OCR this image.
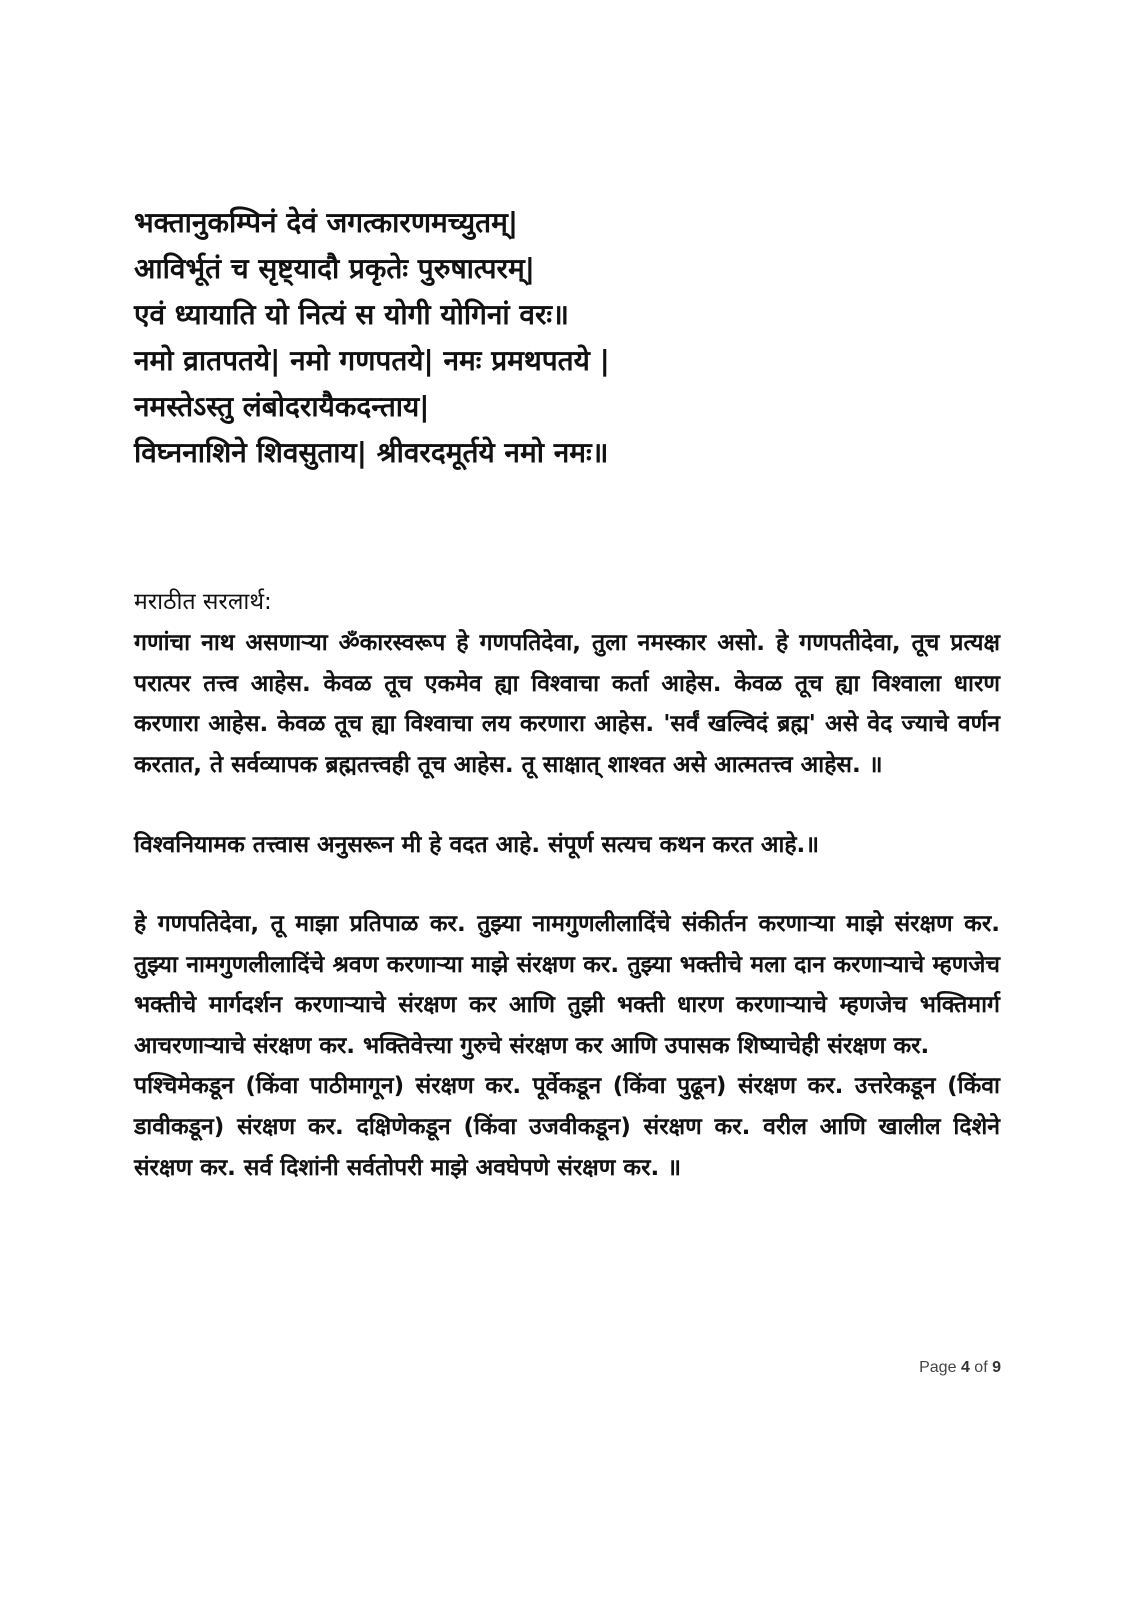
भक्तानुकम्पिनं देवं जगत्कारणमच्युतम्|
आविर्भूतं च सृष्ट्यादौ प्रकृतेः पुरुषात्परम्|
एवं ध्यायाति यो नित्यं स योगी योगिनां वरः॥
नमो व्रातपतये| नमो गणपतये| नमः प्रमथपतये |
नमस्तेऽस्तु लंबोदरायैकदन्ताय|
विघ्ननाशिने शिवसुताय| श्रीवरदमूर्तये नमो नमः॥
मराठीत सरलार्थ:

गणांचा नाथ असणाऱ्या ॐकारस्वरूप हे गणपतिदेवा, तुला नमस्कार असो. हे गणपतीदेवा, तूच प्रत्यक्ष परात्पर तत्त्व आहेस. केवळ तूच एकमेव ह्या विश्वाचा कर्ता आहेस. केवळ तूच ह्या विश्वाला धारण करणारा आहेस. केवळ तूच ह्या विश्वाचा लय करणारा आहेस. 'सर्वं खल्विदं ब्रह्म' असे वेद ज्याचे वर्णन करतात, ते सर्वव्यापक ब्रह्मतत्त्वही तूच आहेस. तू साक्षात् शाश्वत असे आत्मतत्त्व आहेस. ॥

विश्वनियामक तत्त्वास अनुसरून मी हे वदत आहे. संपूर्ण सत्यच कथन करत आहे.॥

हे गणपतिदेवा, तू माझा प्रतिपाळ कर. तुझ्या नामगुणलीलादिंचे संकीर्तन करणाऱ्या माझे संरक्षण कर. तुझ्या नामगुणलीलादिंचे श्रवण करणाऱ्या माझे संरक्षण कर. तुझ्या भक्तीचे मला दान करणाऱ्याचे म्हणजेच भक्तीचे मार्गदर्शन करणाऱ्याचे संरक्षण कर आणि तुझी भक्ती धारण करणाऱ्याचे म्हणजेच भक्तिमार्ग आचरणाऱ्याचे संरक्षण कर. भक्तिवेत्त्या गुरुचे संरक्षण कर आणि उपासक शिष्याचेही संरक्षण कर.

पश्चिमेकडून (किंवा पाठीमागून) संरक्षण कर. पूर्वेकडून (किंवा पुढून) संरक्षण कर. उत्तरेकडून (किंवा डावीकडून) संरक्षण कर. दक्षिणेकडून (किंवा उजवीकडून) संरक्षण कर. वरील आणि खालील दिशेने संरक्षण कर. सर्व दिशांनी सर्वतोपरी माझे अवघेपणे संरक्षण कर. ॥

Page 4 of 9
